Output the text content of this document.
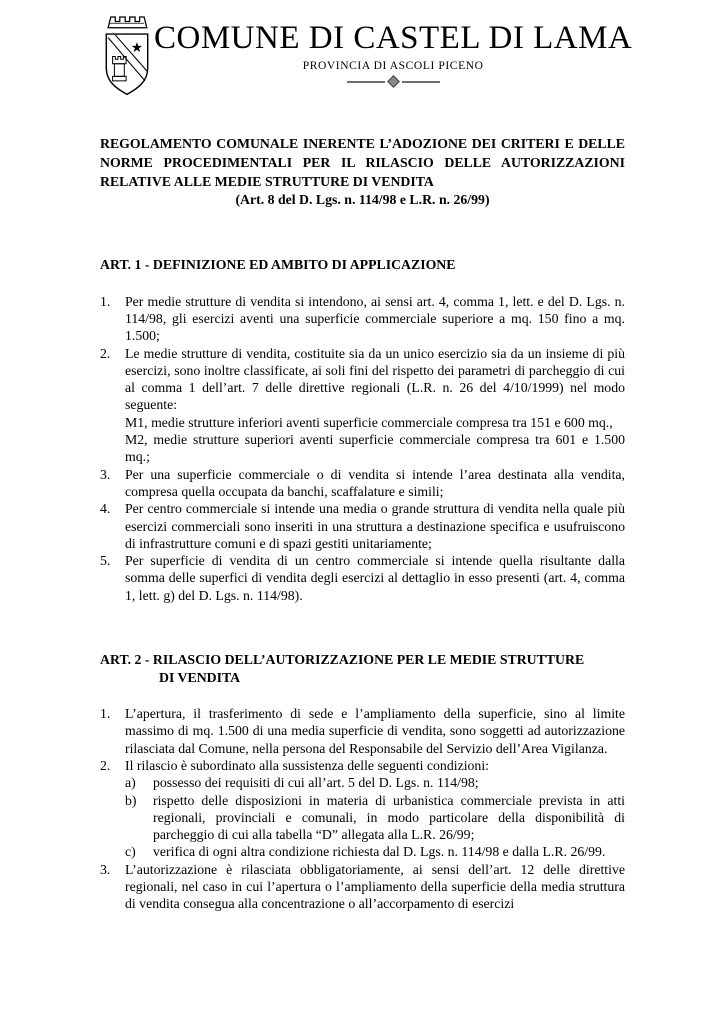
COMUNE DI CASTEL DI LAMA
PROVINCIA DI ASCOLI PICENO

REGOLAMENTO COMUNALE INERENTE L’ADOZIONE DEI CRITERI E DELLE NORME PROCEDIMENTALI PER IL RILASCIO DELLE AUTORIZZAZIONI RELATIVE ALLE MEDIE STRUTTURE DI VENDITA

(Art. 8 del D. Lgs. n. 114/98 e L.R. n. 26/99)

ART. 1 - DEFINIZIONE ED AMBITO DI APPLICAZIONE
1.	Per medie strutture di vendita si intendono, ai sensi art. 4, comma 1, lett. e del D. Lgs. n. 114/98, gli esercizi aventi una superficie commerciale superiore a mq. 150 fino a mq. 1.500;
2.	Le medie strutture di vendita, costituite sia da un unico esercizio sia da un insieme di più esercizi, sono inoltre classificate, ai soli fini del rispetto dei parametri di parcheggio di cui al comma 1 dell’art. 7 delle direttive regionali (L.R. n. 26 del 4/10/1999) nel modo seguente:
M1, medie strutture inferiori aventi superficie commerciale compresa tra 151 e 600 mq.,
M2, medie strutture superiori aventi superficie commerciale compresa tra 601 e 1.500 mq.;
3.	Per una superficie commerciale o di vendita si intende l’area destinata alla vendita, compresa quella occupata da banchi, scaffalature e simili;
4.	Per centro commerciale si intende una media o grande struttura di vendita nella quale più esercizi commerciali sono inseriti in una struttura a destinazione specifica e usufruiscono di infrastrutture comuni e di spazi gestiti unitariamente;
5.	Per superficie di vendita di un centro commerciale si intende quella risultante dalla somma delle superfici di vendita degli esercizi al dettaglio in esso presenti (art. 4, comma 1, lett. g) del D. Lgs. n. 114/98).
ART. 2 - RILASCIO DELL’AUTORIZZAZIONE PER LE MEDIE STRUTTURE
DI VENDITA
1.	L’apertura, il trasferimento di sede e l’ampliamento della superficie, sino al limite massimo di mq. 1.500 di una media superficie di vendita, sono soggetti ad autorizzazione rilasciata dal Comune, nella persona del Responsabile del Servizio dell’Area Vigilanza.
2.	Il rilascio è subordinato alla sussistenza delle seguenti condizioni:
a)	possesso dei requisiti di cui all’art. 5 del D. Lgs. n. 114/98;
b)	rispetto delle disposizioni in materia di urbanistica commerciale prevista in atti regionali, provinciali e comunali, in modo particolare della disponibilità di parcheggio di cui alla tabella “D” allegata alla L.R. 26/99;
c)	verifica di ogni altra condizione richiesta dal D. Lgs. n. 114/98 e dalla L.R. 26/99.
3.	L’autorizzazione è rilasciata obbligatoriamente, ai sensi dell’art. 12 delle direttive regionali, nel caso in cui l’apertura o l’ampliamento della superficie della media struttura di vendita consegua alla concentrazione o all’accorpamento di esercizi
